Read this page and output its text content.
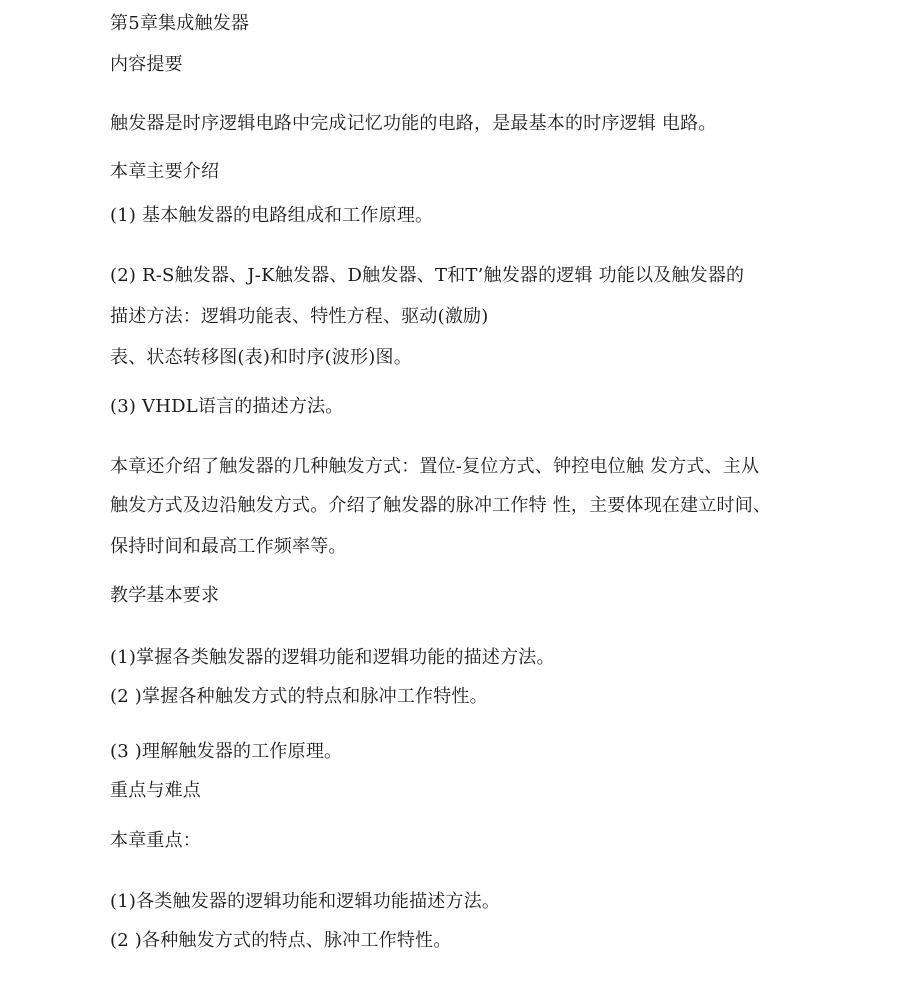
第5章集成触发器
内容提要
触发器是时序逻辑电路中完成记忆功能的电路，是最基本的时序逻辑 电路。
本章主要介绍
(1) 基本触发器的电路组成和工作原理。
(2) R-S触发器、J-K触发器、D触发器、T和T’触发器的逻辑 功能以及触发器的
描述方法：逻辑功能表、特性方程、驱动(激励)
表、状态转移图(表)和时序(波形)图。
(3) VHDL语言的描述方法。
本章还介绍了触发器的几种触发方式：置位-复位方式、钟控电位触 发方式、主从
触发方式及边沿触发方式。介绍了触发器的脉冲工作特 性，主要体现在建立时间、
保持时间和最高工作频率等。
教学基本要求
(1)掌握各类触发器的逻辑功能和逻辑功能的描述方法。
(2 )掌握各种触发方式的特点和脉冲工作特性。
(3 )理解触发器的工作原理。
重点与难点
本章重点：
(1)各类触发器的逻辑功能和逻辑功能描述方法。
(2 )各种触发方式的特点、脉冲工作特性。
